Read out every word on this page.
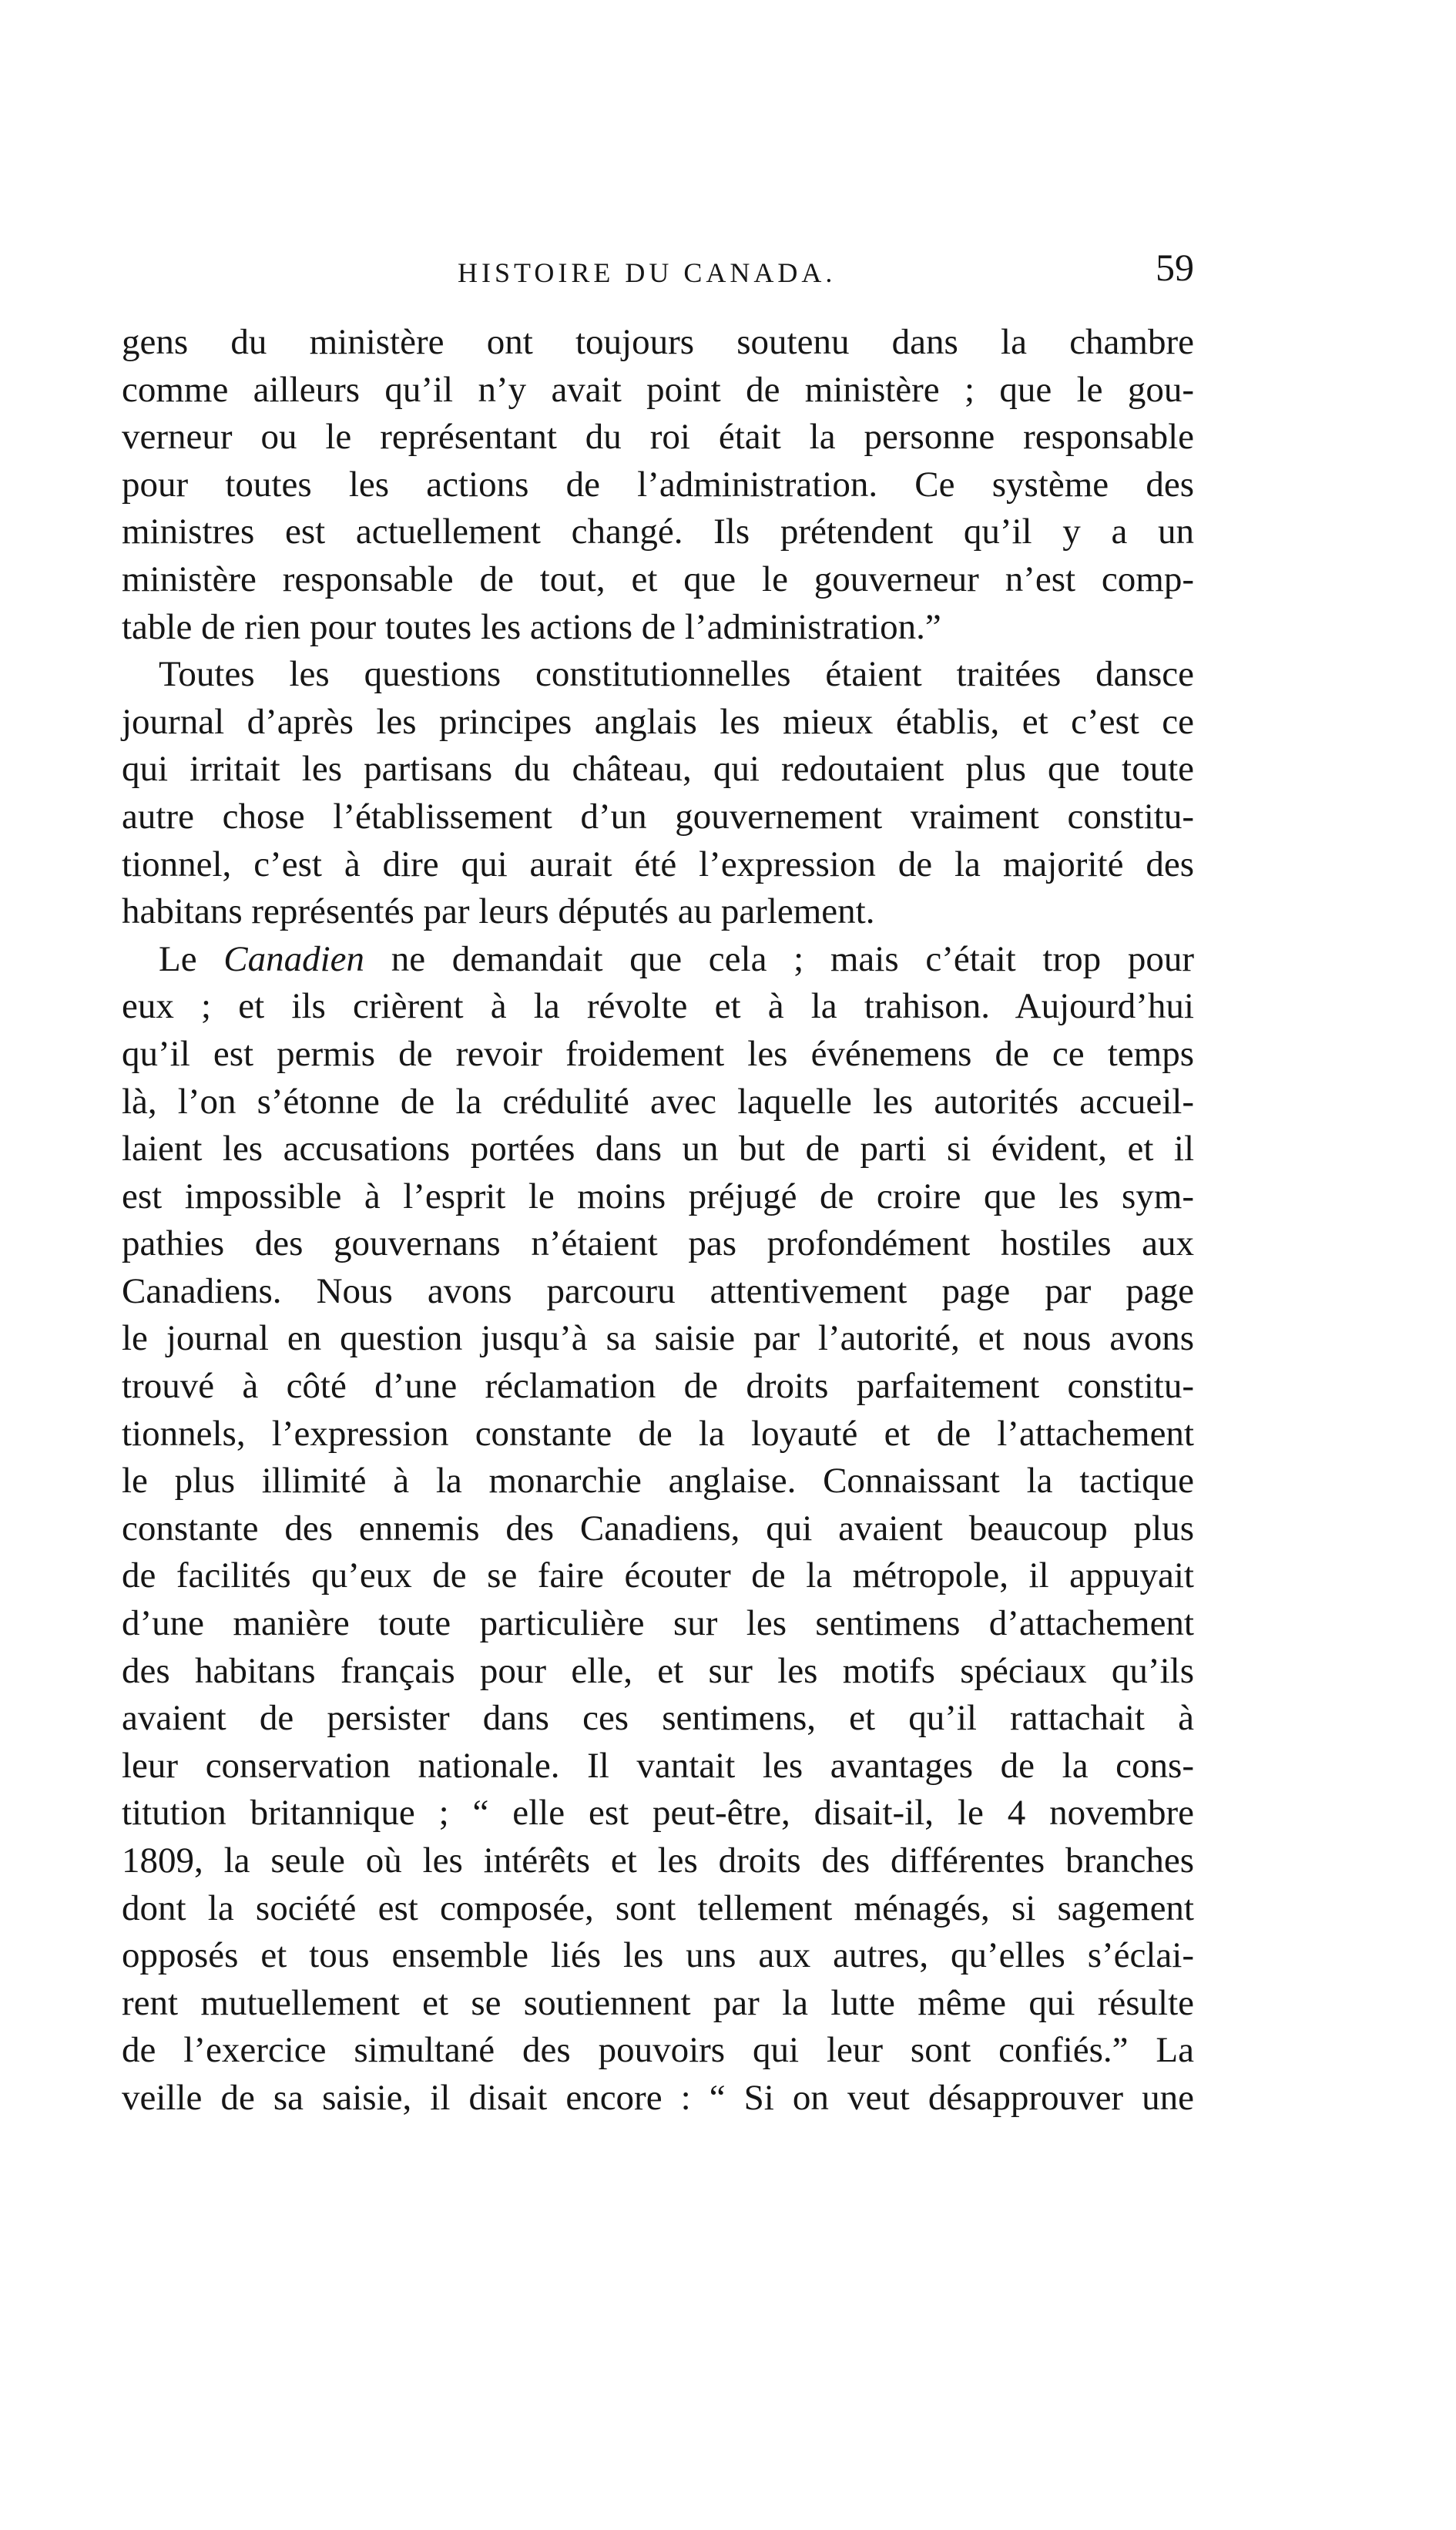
HISTOIRE DU CANADA.	59
gens du ministère ont toujours soutenu dans la chambre
comme ailleurs qu’il n’y avait point de ministère ; que le gou-
verneur ou le représentant du roi était la personne responsable
pour toutes les actions de l’administration. Ce système des
ministres est actuellement changé. Ils prétendent qu’il y a un
ministère responsable de tout, et que le gouverneur n’est comp-
table de rien pour toutes les actions de l’administration.”
Toutes les questions constitutionnelles étaient traitées dansce
journal d’après les principes anglais les mieux établis, et c’est ce
qui irritait les partisans du château, qui redoutaient plus que toute
autre chose l’établissement d’un gouvernement vraiment constitu-
tionnel, c’est à dire qui aurait été l’expression de la majorité des
habitans représentés par leurs députés au parlement.
Le Canadien ne demandait que cela ; mais c’était trop pour
eux ; et ils crièrent à la révolte et à la trahison. Aujourd’hui
qu’il est permis de revoir froidement les événemens de ce temps
là, l’on s’étonne de la crédulité avec laquelle les autorités accueil-
laient les accusations portées dans un but de parti si évident, et il
est impossible à l’esprit le moins préjugé de croire que les sym-
pathies des gouvernans n’étaient pas profondément hostiles aux
Canadiens. Nous avons parcouru attentivement page par page
le journal en question jusqu’à sa saisie par l’autorité, et nous avons
trouvé à côté d’une réclamation de droits parfaitement constitu-
tionnels, l’expression constante de la loyauté et de l’attachement
le plus illimité à la monarchie anglaise. Connaissant la tactique
constante des ennemis des Canadiens, qui avaient beaucoup plus
de facilités qu’eux de se faire écouter de la métropole, il appuyait
d’une manière toute particulière sur les sentimens d’attachement
des habitans français pour elle, et sur les motifs spéciaux qu’ils
avaient de persister dans ces sentimens, et qu’il rattachait à
leur conservation nationale. Il vantait les avantages de la cons-
titution britannique ; “ elle est peut-être, disait-il, le 4 novembre
1809, la seule où les intérêts et les droits des différentes branches
dont la société est composée, sont tellement ménagés, si sagement
opposés et tous ensemble liés les uns aux autres, qu’elles s’éclai-
rent mutuellement et se soutiennent par la lutte même qui résulte
de l’exercice simultané des pouvoirs qui leur sont confiés.” La
veille de sa saisie, il disait encore : “ Si on veut désapprouver une
